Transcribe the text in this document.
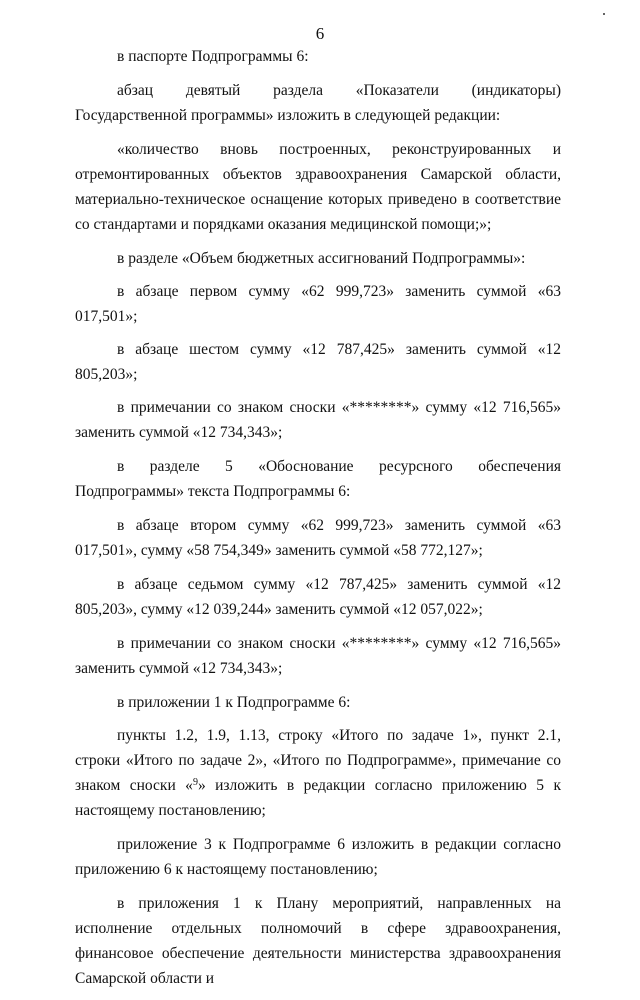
6

в паспорте Подпрограммы 6:

абзац девятый раздела «Показатели (индикаторы) Государственной программы» изложить в следующей редакции:

«количество вновь построенных, реконструированных и отремонтированных объектов здравоохранения Самарской области, материально-техническое оснащение которых приведено в соответствие со стандартами и порядками оказания медицинской помощи;»;

в разделе «Объем бюджетных ассигнований Подпрограммы»:

в абзаце первом сумму «62 999,723» заменить суммой «63 017,501»;

в абзаце шестом сумму «12 787,425» заменить суммой «12 805,203»;

в примечании со знаком сноски «********» сумму «12 716,565» заменить суммой «12 734,343»;

в разделе 5 «Обоснование ресурсного обеспечения Подпрограммы» текста Подпрограммы 6:

в абзаце втором сумму «62 999,723» заменить суммой «63 017,501», сумму «58 754,349» заменить суммой «58 772,127»;

в абзаце седьмом сумму «12 787,425» заменить суммой «12 805,203», сумму «12 039,244» заменить суммой «12 057,022»;

в примечании со знаком сноски «********» сумму «12 716,565» заменить суммой «12 734,343»;

в приложении 1 к Подпрограмме 6:

пункты 1.2, 1.9, 1.13, строку «Итого по задаче 1», пункт 2.1, строки «Итого по задаче 2», «Итого по Подпрограмме», примечание со знаком сноски «$^9$» изложить в редакции согласно приложению 5 к настоящему постановлению;

приложение 3 к Подпрограмме 6 изложить в редакции согласно приложению 6 к настоящему постановлению;

в приложения 1 к Плану мероприятий, направленных на исполнение отдельных полномочий в сфере здравоохранения, финансовое обеспечение деятельности министерства здравоохранения Самарской области и
